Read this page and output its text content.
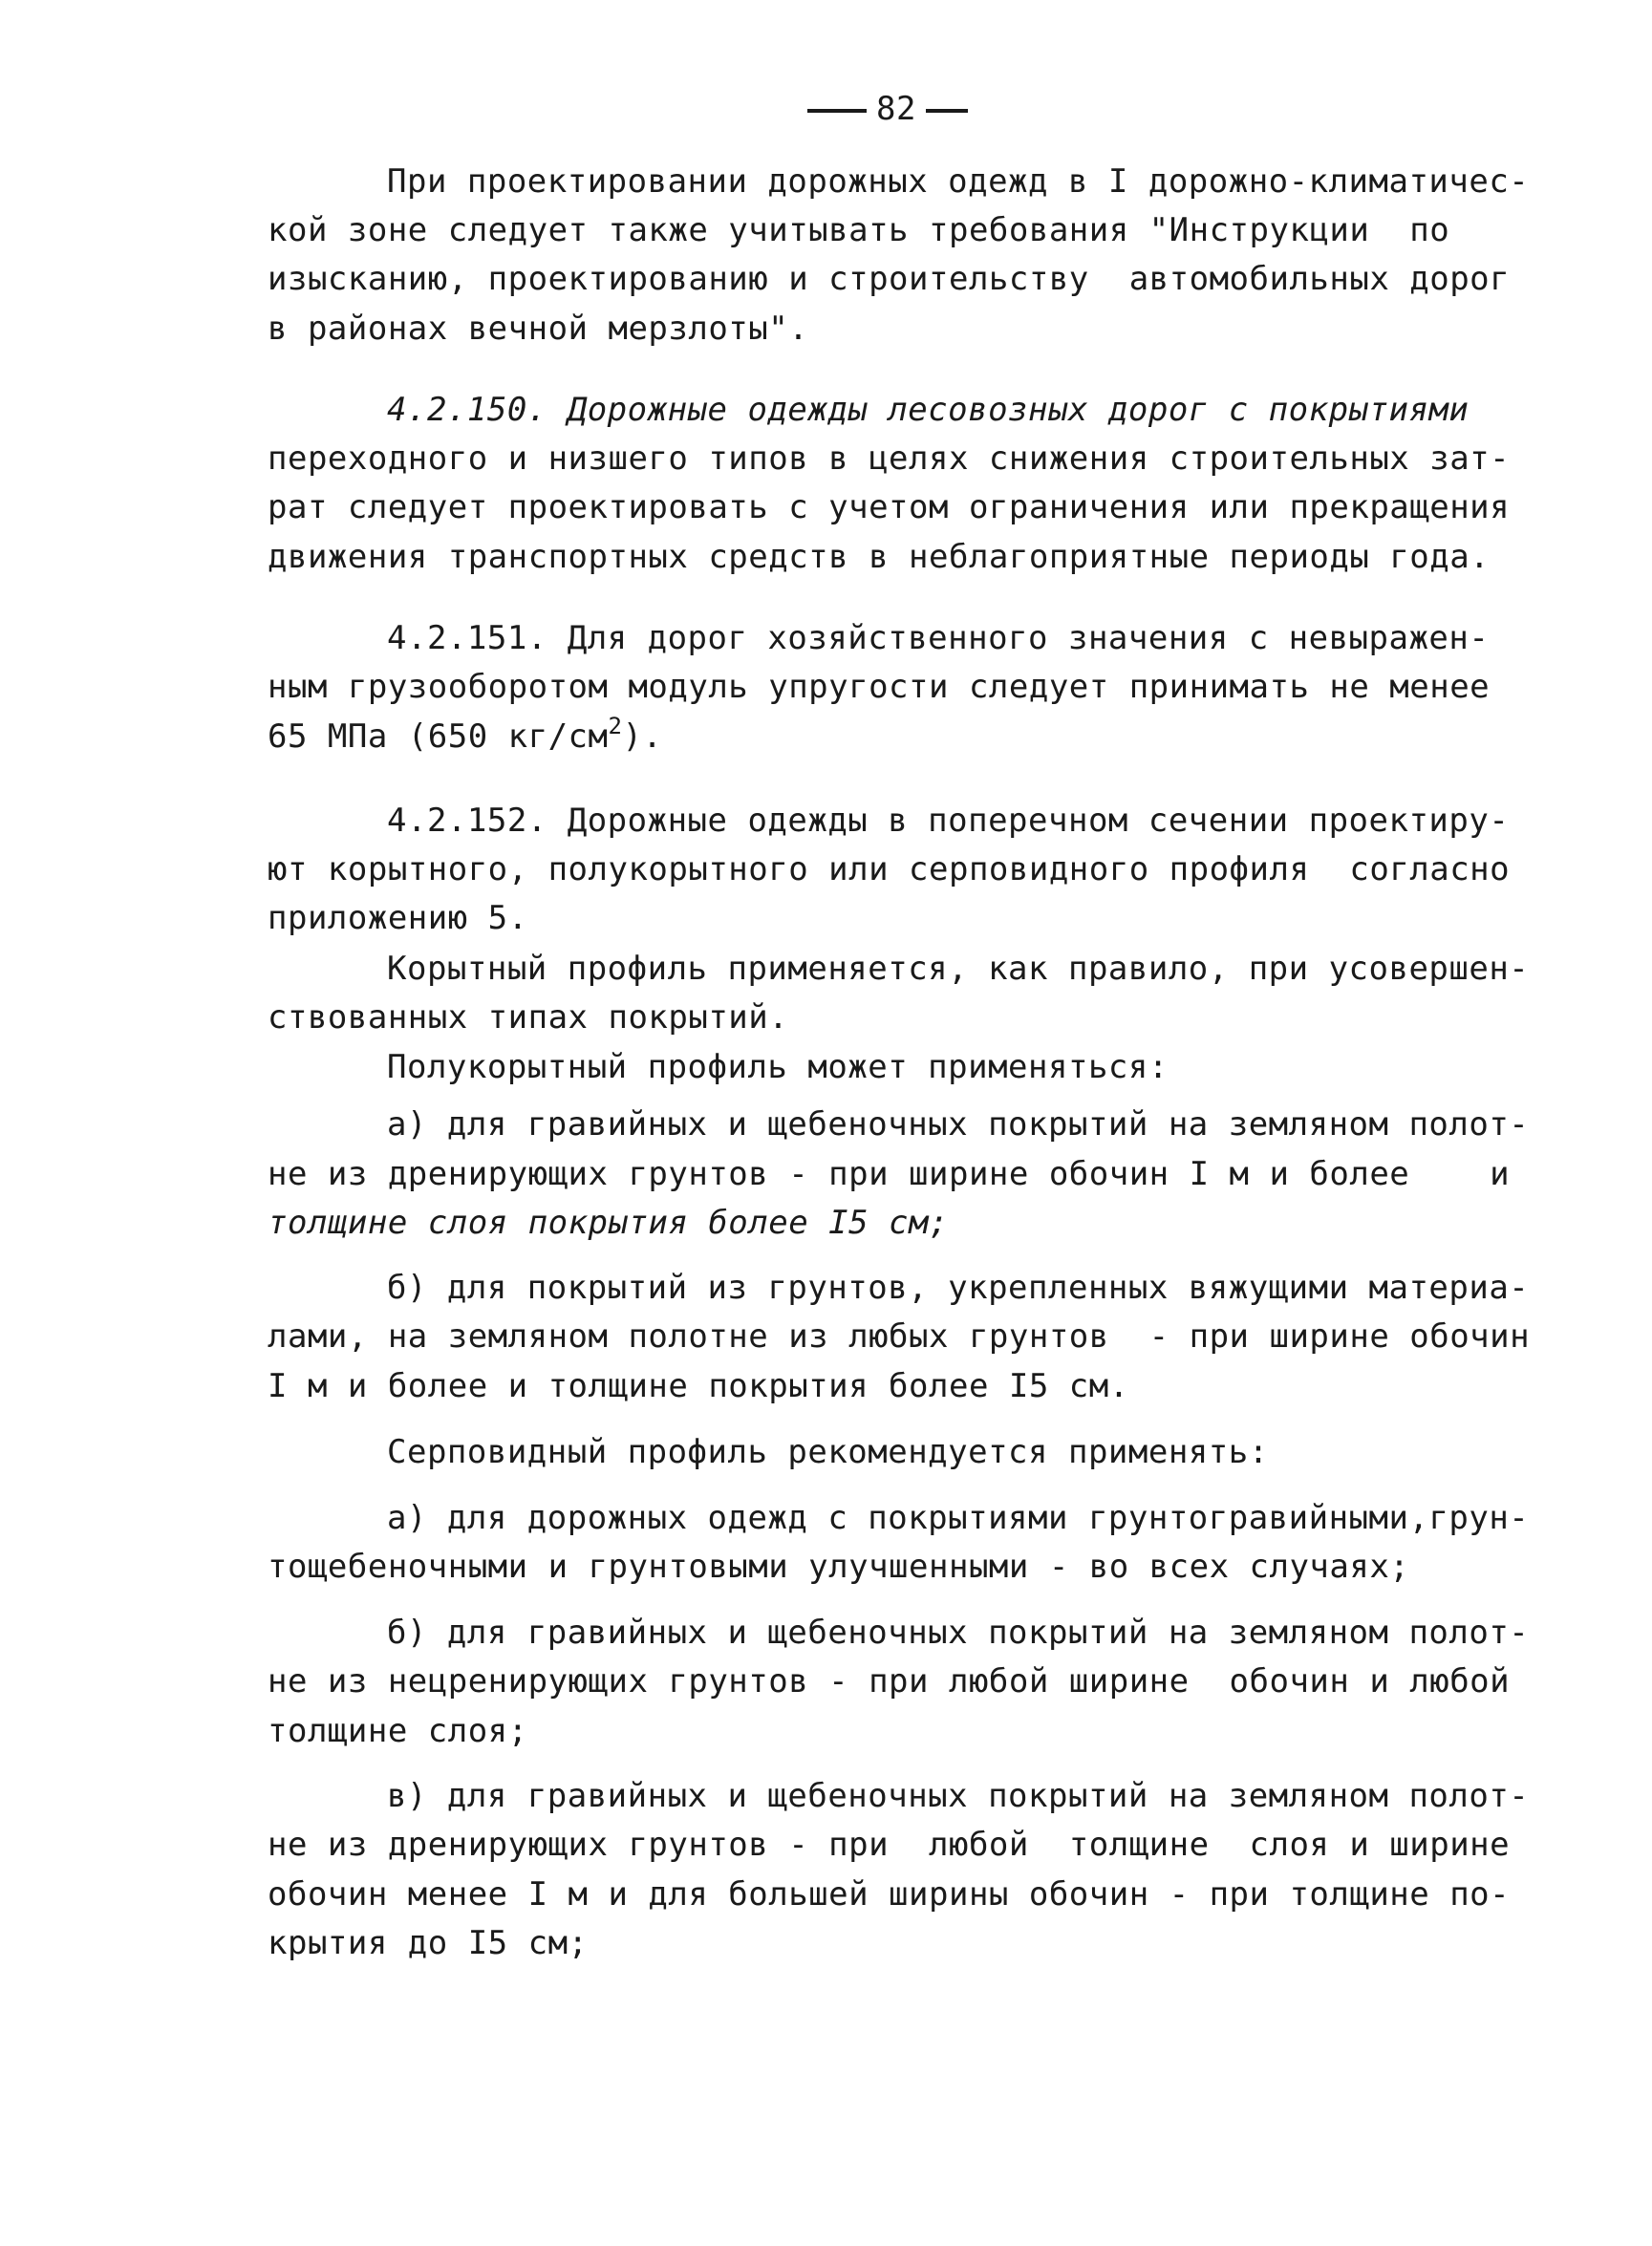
82
При проектировании дорожных одежд в I дорожно-климатичес-
кой зоне следует также учитывать требования "Инструкции  по
изысканию, проектированию и строительству  автомобильных дорог
в районах вечной мерзлоты".
4.2.150. Дорожные одежды лесовозных дорог с покрытиями
переходного и низшего типов в целях снижения строительных зат-
рат следует проектировать с учетом ограничения или прекращения
движения транспортных средств в неблагоприятные периоды года.
4.2.151. Для дорог хозяйственного значения с невыражен-
ным грузооборотом модуль упругости следует принимать не менее
65 МПа (650 $кг/см^2$).
4.2.152. Дорожные одежды в поперечном сечении проектиру-
ют корытного, полукорытного или серповидного профиля  согласно
приложению 5.
Корытный профиль применяется, как правило, при усовершен-
ствованных типах покрытий.
Полукорытный профиль может применяться:
а) для гравийных и щебеночных покрытий на земляном полот-
не из дренирующих грунтов - при ширине обочин I м и более    и
толщине слоя покрытия более I5 см;
б) для покрытий из грунтов, укрепленных вяжущими материа-
лами, на земляном полотне из любых грунтов  - при ширине обочин
I м и более и толщине покрытия более I5 см.
Серповидный профиль рекомендуется применять:
а) для дорожных одежд с покрытиями грунтогравийными,грун-
тощебеночными и грунтовыми улучшенными - во всех случаях;
б) для гравийных и щебеночных покрытий на земляном полот-
не из нецренирующих грунтов - при любой ширине  обочин и любой
толщине слоя;
в) для гравийных и щебеночных покрытий на земляном полот-
не из дренирующих грунтов - при  любой  толщине  слоя и ширине
обочин менее I м и для большей ширины обочин - при толщине по-
крытия до I5 см;
